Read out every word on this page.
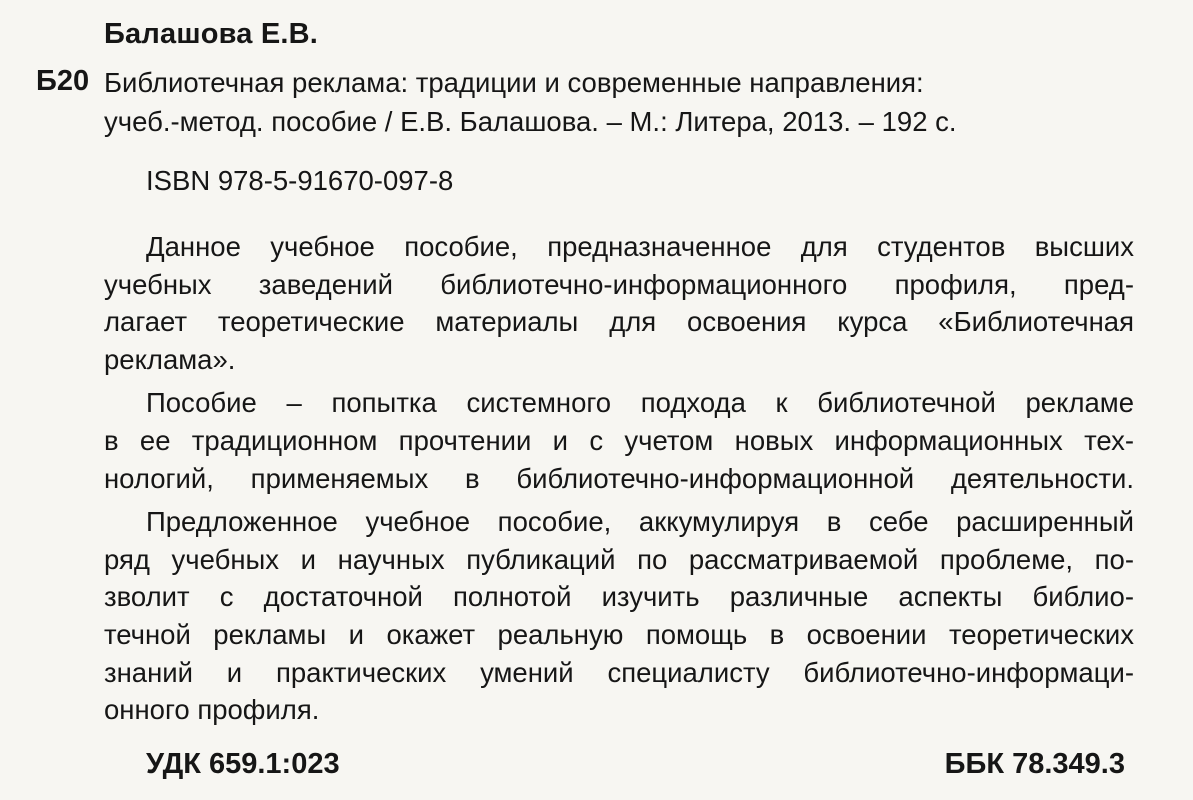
Балашова Е.В.
Б20 Библиотечная реклама: традиции и современные направления:
учеб.-метод. пособие / Е.В. Балашова. – М.: Литера, 2013. – 192 с.
ISBN 978-5-91670-097-8

Данное учебное пособие, предназначенное для студентов высших
учебных заведений библиотечно-информационного профиля, пред-
лагает теоретические материалы для освоения курса «Библиотечная
реклама».

Пособие – попытка системного подхода к библиотечной рекламе
в ее традиционном прочтении и с учетом новых информационных тех-
нологий, применяемых в библиотечно-информационной деятельности.

Предложенное учебное пособие, аккумулируя в себе расширенный
ряд учебных и научных публикаций по рассматриваемой проблеме, по-
зволит с достаточной полнотой изучить различные аспекты библио-
течной рекламы и окажет реальную помощь в освоении теоретических
знаний и практических умений специалисту библиотечно-информаци-
онного профиля.

УДК 659.1:023	ББК 78.349.3
